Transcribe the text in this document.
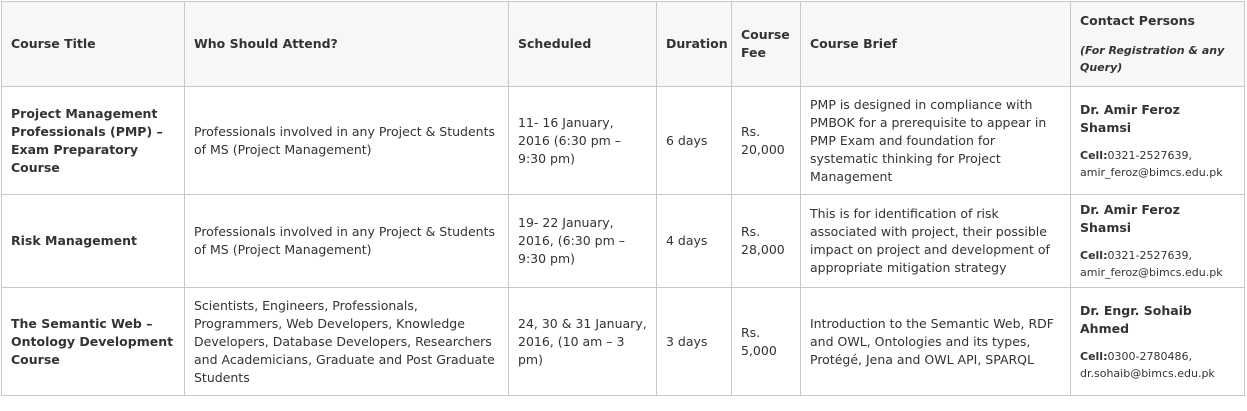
Course Title	Who Should Attend?	Scheduled	Duration	Course Fee	Course Brief	Contact Persons
(For Registration & any Query)

Project Management Professionals (PMP) – Exam Preparatory Course	Professionals involved in any Project & Students of MS (Project Management)	11- 16 January, 2016 (6:30 pm – 9:30 pm)	6 days	Rs. 20,000	PMP is designed in compliance with PMBOK for a prerequisite to appear in PMP Exam and foundation for systematic thinking for Project Management	Dr. Amir Feroz Shamsi
Cell:0321-2527639,
amir_feroz@bimcs.edu.pk

Risk Management	Professionals involved in any Project & Students of MS (Project Management)	19- 22 January, 2016, (6:30 pm – 9:30 pm)	4 days	Rs. 28,000	This is for identification of risk associated with project, their possible impact on project and development of appropriate mitigation strategy	Dr. Amir Feroz Shamsi
Cell:0321-2527639,
amir_feroz@bimcs.edu.pk

The Semantic Web – Ontology Development Course	Scientists, Engineers, Professionals, Programmers, Web Developers, Knowledge Developers, Database Developers, Researchers and Academicians, Graduate and Post Graduate Students	24, 30 & 31 January, 2016, (10 am – 3 pm)	3 days	Rs. 5,000	Introduction to the Semantic Web, RDF and OWL, Ontologies and its types, Protégé, Jena and OWL API, SPARQL	Dr. Engr. Sohaib Ahmed
Cell:0300-2780486,
dr.sohaib@bimcs.edu.pk
